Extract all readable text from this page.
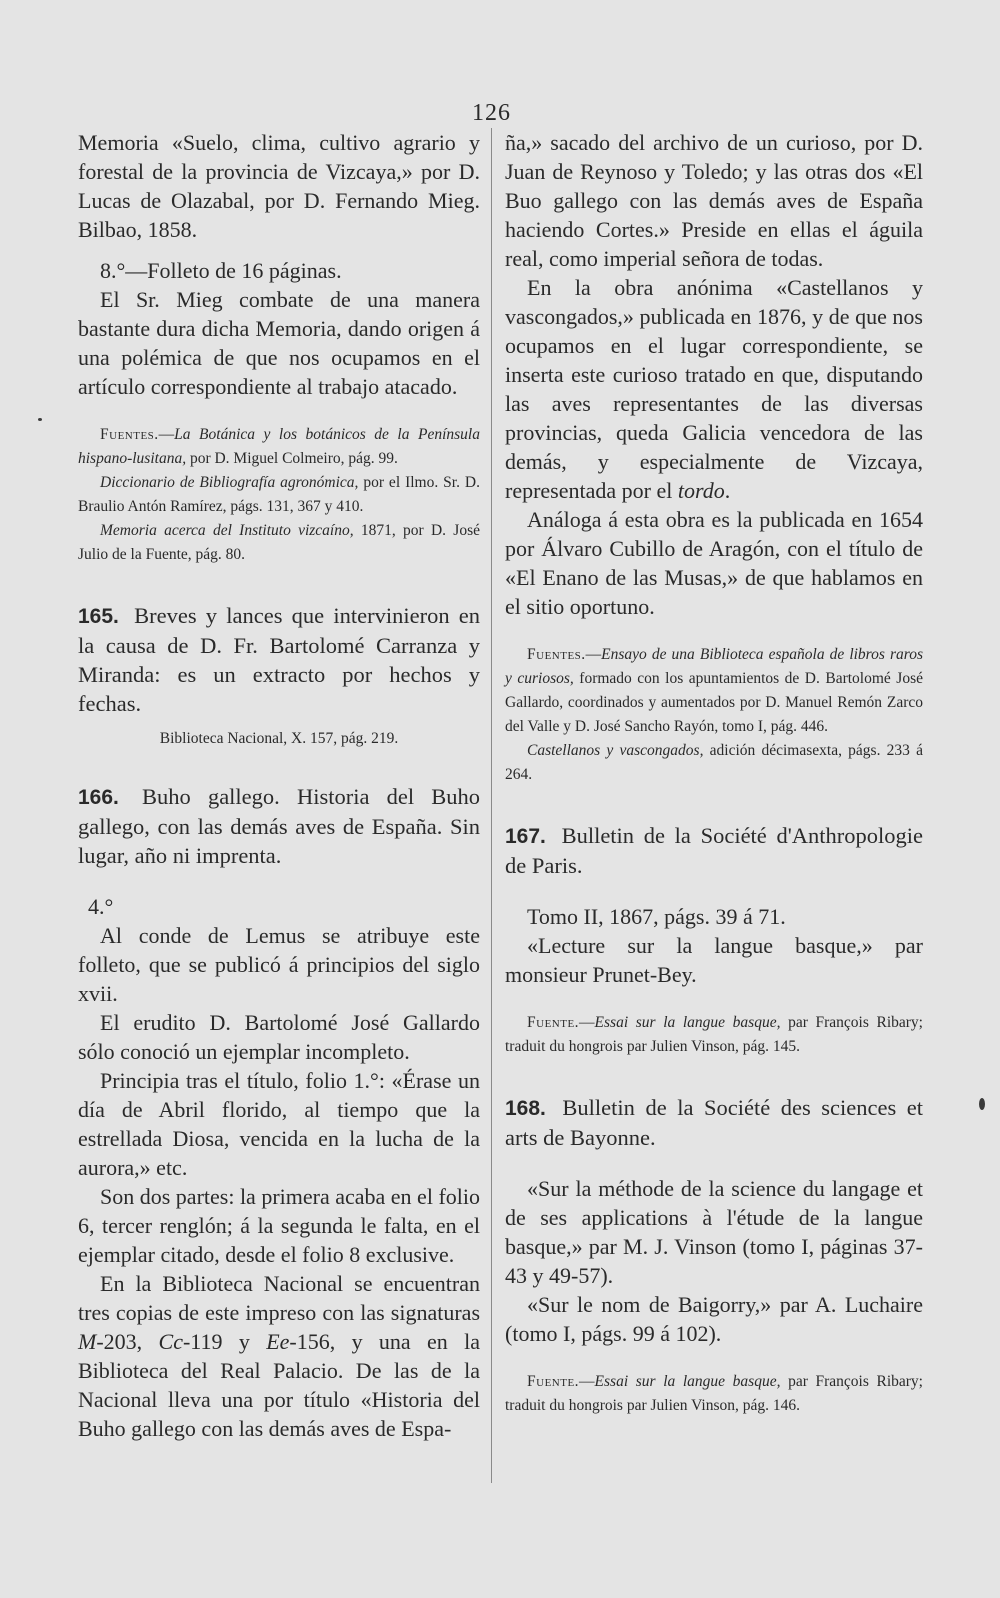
126

Memoria «Suelo, clima, cultivo agrario y forestal de la provincia de Vizcaya,» por D. Lucas de Olazabal, por D. Fernando Mieg. Bilbao, 1858.

8.°—Folleto de 16 páginas.

El Sr. Mieg combate de una manera bastante dura dicha Memoria, dando origen á una polémica de que nos ocupamos en el artículo correspondiente al trabajo atacado.

Fuentes.—La Botánica y los botánicos de la Península hispano-lusitana, por D. Miguel Colmeiro, pág. 99.

Diccionario de Bibliografía agronómica, por el Ilmo. Sr. D. Braulio Antón Ramírez, págs. 131, 367 y 410.

Memoria acerca del Instituto vizcaíno, 1871, por D. José Julio de la Fuente, pág. 80.

165. Breves y lances que intervinieron en la causa de D. Fr. Bartolomé Carranza y Miranda: es un extracto por hechos y fechas.

Biblioteca Nacional, X. 157, pág. 219.

166. Buho gallego. Historia del Buho gallego, con las demás aves de España. Sin lugar, año ni imprenta.

4.°

Al conde de Lemus se atribuye este folleto, que se publicó á principios del siglo xvii.

El erudito D. Bartolomé José Gallardo sólo conoció un ejemplar incompleto.

Principia tras el título, folio 1.°: «Érase un día de Abril florido, al tiempo que la estrellada Diosa, vencida en la lucha de la aurora,» etc.

Son dos partes: la primera acaba en el folio 6, tercer renglón; á la segunda le falta, en el ejemplar citado, desde el folio 8 exclusive.

En la Biblioteca Nacional se encuentran tres copias de este impreso con las signaturas M-203, Cc-119 y Ee-156, y una en la Biblioteca del Real Palacio. De las de la Nacional lleva una por título «Historia del Buho gallego con las demás aves de Espa-

ña,» sacado del archivo de un curioso, por D. Juan de Reynoso y Toledo; y las otras dos «El Buo gallego con las demás aves de España haciendo Cortes.» Preside en ellas el águila real, como imperial señora de todas.

En la obra anónima «Castellanos y vascongados,» publicada en 1876, y de que nos ocupamos en el lugar correspondiente, se inserta este curioso tratado en que, disputando las aves representantes de las diversas provincias, queda Galicia vencedora de las demás, y especialmente de Vizcaya, representada por el tordo.

Análoga á esta obra es la publicada en 1654 por Álvaro Cubillo de Aragón, con el título de «El Enano de las Musas,» de que hablamos en el sitio oportuno.

Fuentes.—Ensayo de una Biblioteca española de libros raros y curiosos, formado con los apuntamientos de D. Bartolomé José Gallardo, coordinados y aumentados por D. Manuel Remón Zarco del Valle y D. José Sancho Rayón, tomo I, pág. 446.

Castellanos y vascongados, adición décimasexta, págs. 233 á 264.

167. Bulletin de la Société d'Anthropologie de Paris.

Tomo II, 1867, págs. 39 á 71.

«Lecture sur la langue basque,» par monsieur Prunet-Bey.

Fuente.—Essai sur la langue basque, par François Ribary; traduit du hongrois par Julien Vinson, pág. 145.

168. Bulletin de la Société des sciences et arts de Bayonne.

«Sur la méthode de la science du langage et de ses applications à l'étude de la langue basque,» par M. J. Vinson (tomo I, páginas 37-43 y 49-57).

«Sur le nom de Baigorry,» par A. Luchaire (tomo I, págs. 99 á 102).

Fuente.—Essai sur la langue basque, par François Ribary; traduit du hongrois par Julien Vinson, pág. 146.
